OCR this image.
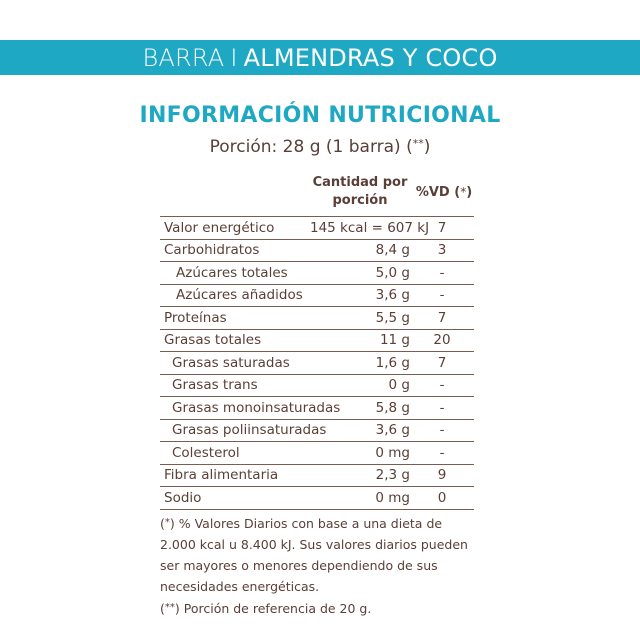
BARRA I ALMENDRAS Y COCO
INFORMACIÓN NUTRICIONAL
Porción: 28 g (1 barra) (**)
Cantidad por
porción
%VD (*)
Valor energético	145 kcal = 607 kJ 7
Carbohidratos	8,4 g	3
Azúcares totales	5,0 g	-
Azúcares añadidos	3,6 g	-
Proteínas	5,5 g	7
Grasas totales	11 g	20
Grasas saturadas	1,6 g	7
Grasas trans	0 g	-
Grasas monoinsaturadas	5,8 g	-
Grasas poliinsaturadas	3,6 g	-
Colesterol	0 mg	-
Fibra alimentaria	2,3 g	9
Sodio	0 mg	0
(*) % Valores Diarios con base a una dieta de 2.000 kcal u 8.400 kJ. Sus valores diarios pueden ser mayores o menores dependiendo de sus necesidades energéticas.
(**) Porción de referencia de 20 g.
